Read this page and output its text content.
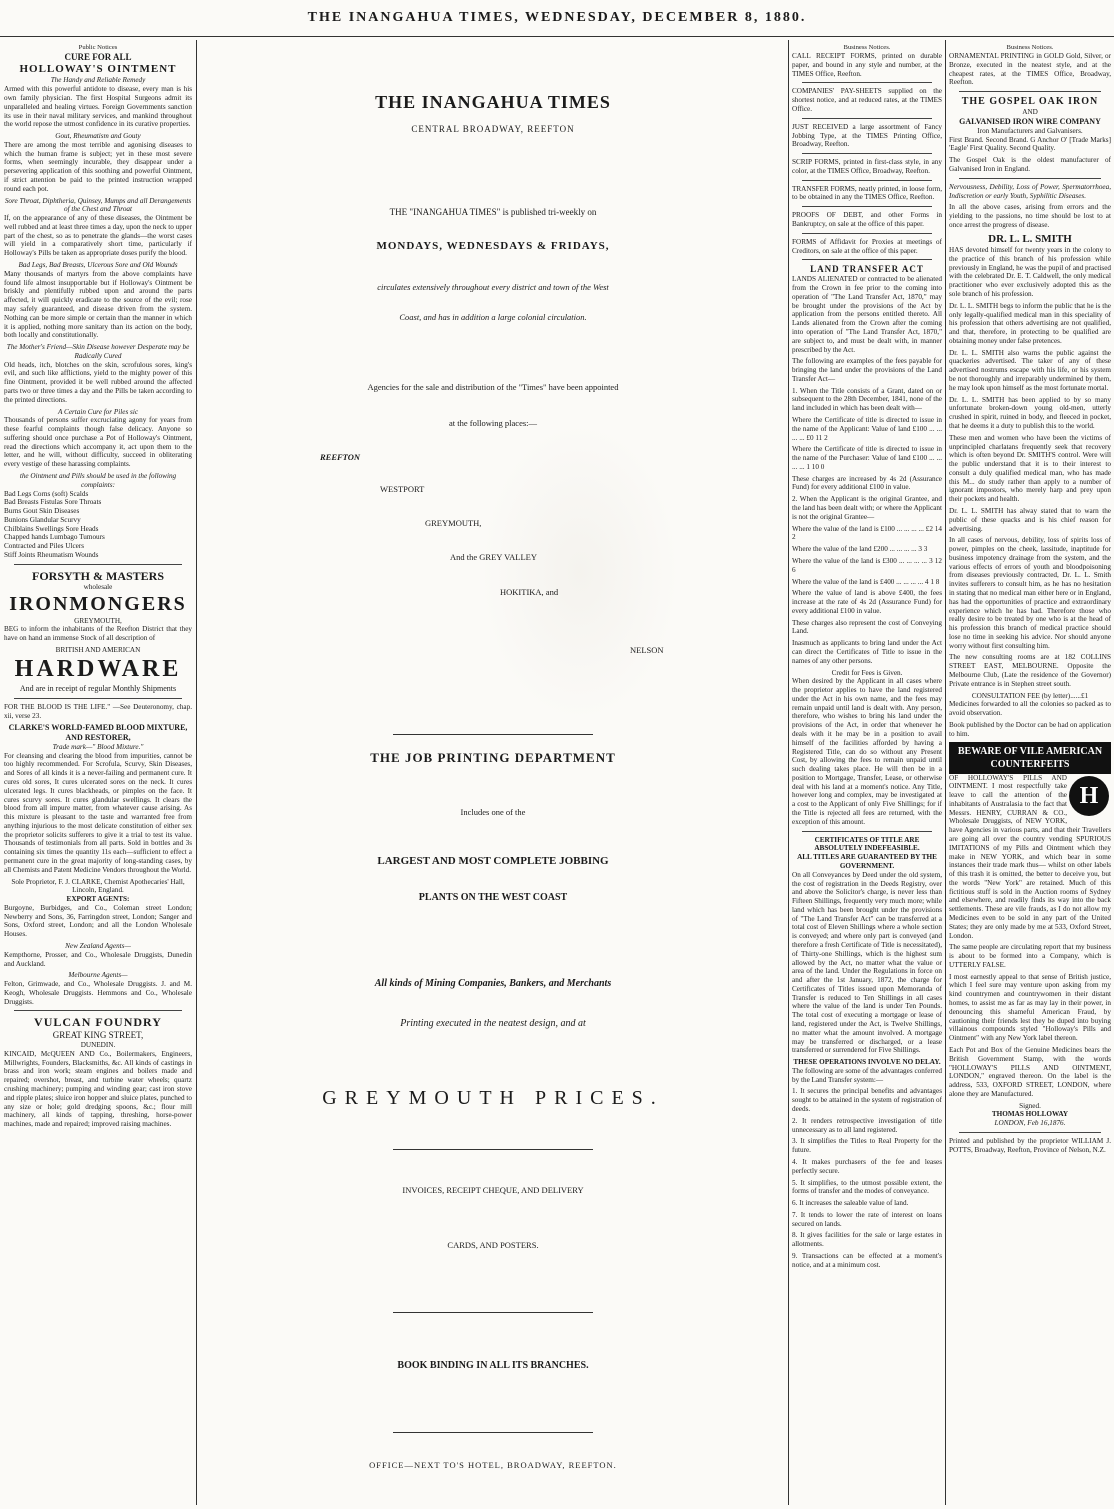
THE INANGAHUA TIMES, WEDNESDAY, DECEMBER 8, 1880.
Public Notices
CURE FOR ALL
HOLLOWAY'S OINTMENT
The Handy and Reliable Remedy

Armed with this powerful antidote to disease, every man is his own family physician. The first Hospital Surgeons admit its unparalleled and healing virtues. Foreign Governments sanction its use in their naval military services, and mankind throughout the world repose the utmost confidence in its curative properties.

Gout, Rheumatism and Gouty

There are among the most terrible and agonising diseases to which the human frame is subject; yet in these most severe forms, when seemingly incurable, they disappear under a persevering application of this soothing and powerful Ointment, if strict attention be paid to the printed instruction wrapped round each pot.

Sore Throat, Diphtheria, Quinsey, Mumps and all Derangements of the Chest and Throat

If, on the appearance of any of these diseases, the Ointment be well rubbed and at least three times a day, upon the neck to upper part of the chest, so as to penetrate the glands—the worst cases will yield in a comparatively short time, particularly if Holloway's Pills be taken as appropriate doses purify the blood.

Bad Legs, Bad Breasts, Ulcerous Sore and Old Wounds

Many thousands of martyrs from the above complaints have found life almost insupportable but if Holloway's Ointment be briskly and plentifully rubbed upon and around the parts affected, it will quickly eradicate to the source of the evil; rose may safely guaranteed, and disease driven from the system. Nothing can be more simple or certain than the manner in which it is applied, nothing more sanitary than its action on the body, both locally and constitutionally.

The Mother's Friend—Skin Disease however Desperate may be Radically Cured

Old heads, itch, blotches on the skin, scrofulous sores, king's evil, and such like afflictions, yield to the mighty power of this fine Ointment, provided it be well rubbed around the affected parts two or three times a day and the Pills be taken according to the printed directions.

A Certain Cure for Piles sic

Thousands of persons suffer excruciating agony for years from these fearful complaints though false delicacy. Anyone so suffering should once purchase a Pot of Holloway's Ointment, read the directions which accompany it, act upon them to the letter, and he will, without difficulty, succeed in obliterating every vestige of these harassing complaints.

the Ointment and Pills should be used in the following complaints:
Bad Legs Corns (soft) Scalds
Bad Breasts Fistulas Sore Throats
Burns Gout Skin Diseases
Bunions Glandular Scurvy
Chilblains Swellings Sore Heads
Chapped hands Lumbago Tumours
Contracted and Piles Ulcers
Stiff Joints Rheumatism Wounds
FORSYTH & MASTERS
wholesale
IRONMONGERS
GREYMOUTH,

BEG to inform the inhabitants of the Reefton District that they have on hand an immense Stock of all description of

BRITISH AND AMERICAN
HARDWARE
And are in receipt of regular Monthly Shipments

FOR THE BLOOD IS THE LIFE." —See Deuteronomy, chap. xii, verse 23.

CLARKE'S WORLD-FAMED BLOOD MIXTURE, AND RESTORER,
Trade mark—" Blood Mixture."

For cleansing and clearing the blood from impurities, cannot be too highly recommended. For Scrofula, Scurvy, Skin Diseases, and Sores of all kinds it is a never-failing and permanent cure. It cures old sores, It cures ulcerated sores on the neck. It cures ulcerated legs. It cures blackheads, or pimples on the face. It cures scurvy sores. It cures glandular swellings. It clears the blood from all impure matter, from whatever cause arising. As this mixture is pleasant to the taste and warranted free from anything injurious to the most delicate constitution of either sex the proprietor solicits sufferers to give it a trial to test its value. Thousands of testimonials from all parts. Sold in bottles and 3s containing six times the quantity 11s each—sufficient to effect a permanent cure in the great majority of long-standing cases, by all Chemists and Patent Medicine Vendors throughout the World.

Sole Proprietor, F. J. CLARKE, Chemist Apothecaries' Hall, Lincoln, England.
EXPORT AGENTS:

Burgoyne, Burbidges, and Co., Coleman street London; Newberry and Sons, 36, Farringdon street, London; Sanger and Sons, Oxford street, London; and all the London Wholesale Houses.

New Zealand Agents—

Kempthorne, Prosser, and Co., Wholesale Druggists, Dunedin and Auckland.

Melbourne Agents—

Felton, Grimwade, and Co., Wholesale Druggists. J. and M. Keogh, Wholesale Druggists. Hemmons and Co., Wholesale Druggists.

VULCAN FOUNDRY
GREAT KING STREET,
DUNEDIN.

KINCAID, McQUEEN AND Co., Boilermakers, Engineers, Millwrights, Founders, Blacksmiths, &c. All kinds of castings in brass and iron work; steam engines and boilers made and repaired; overshot, breast, and turbine water wheels; quartz crushing machinery; pumping and winding gear; cast iron stove and ripple plates; sluice iron hopper and sluice plates, punched to any size or hole; gold dredging spoons, &c.; flour mill machinery, all kinds of tapping, threshing, horse-power machines, made and repaired; improved raising machines.

THE INANGAHUA TIMES
CENTRAL BROADWAY, REEFTON
THE "INANGAHUA TIMES" is published tri-weekly on
MONDAYS, WEDNESDAYS & FRIDAYS,
circulates extensively throughout every district and town of the West
Coast, and has in addition a large colonial circulation.
Agencies for the sale and distribution of the "Times" have been appointed
at the following places:—
REEFTON
WESTPORT
GREYMOUTH,
And the GREY VALLEY
HOKITIKA, and
NELSON
THE JOB PRINTING DEPARTMENT
Includes one of the
LARGEST AND MOST COMPLETE JOBBING
PLANTS ON THE WEST COAST
All kinds of Mining Companies, Bankers, and Merchants
Printing executed in the neatest design, and at
GREYMOUTH PRICES.
INVOICES, RECEIPT CHEQUE, AND DELIVERY
CARDS, AND POSTERS.
BOOK BINDING IN ALL ITS BRANCHES.
OFFICE—NEXT TO'S HOTEL, BROADWAY, REEFTON.
Business Notices.

CALL RECEIPT FORMS, printed on durable paper, and bound in any style and number, at the TIMES Office, Reefton.

COMPANIES' PAY-SHEETS supplied on the shortest notice, and at reduced rates, at the TIMES Office.

JUST RECEIVED a large assortment of Fancy Jobbing Type, at the TIMES Printing Office, Broadway, Reefton.

SCRIP FORMS, printed in first-class style, in any color, at the TIMES Office, Broadway, Reefton.

TRANSFER FORMS, neatly printed, in loose form, to be obtained in any the TIMES Office, Reefton.

PROOFS OF DEBT, and other Forms in Bankruptcy, on sale at the office of this paper.

FORMS of Affidavit for Proxies at meetings of Creditors, on sale at the office of this paper.

LAND TRANSFER ACT

LANDS ALIENATED or contracted to be alienated from the Crown in fee prior to the coming into operation of "The Land Transfer Act, 1870," may be brought under the provisions of the Act by application from the persons entitled thereto. All Lands alienated from the Crown after the coming into operation of "The Land Transfer Act, 1870," are subject to, and must be dealt with, in manner prescribed by the Act.

The following are examples of the fees payable for bringing the land under the provisions of the Land Transfer Act—

1. When the Title consists of a Grant, dated on or subsequent to the 28th December, 1841, none of the land included in which has been dealt with—

Where the Certificate of title is directed to issue in the name of the Applicant: Value of land £100 ... ... ... ... £0 11 2

Where the Certificate of title is directed to issue in the name of the Purchaser: Value of land £100 ... ... ... ... 1 10 0

These charges are increased by 4s 2d (Assurance Fund) for every additional £100 in value.

2. When the Applicant is the original Grantee, and the land has been dealt with; or where the Applicant is not the original Grantee—

Where the value of the land is £100 ... ... ... ... £2 14 2

Where the value of the land £200 ... ... ... ... 3 3

Where the value of the land is £300 ... ... ... ... 3 12 6

Where the value of the land is £400 ... ... ... ... 4 1 8

Where the value of land is above £400, the fees increase at the rate of 4s 2d (Assurance Fund) for every additional £100 in value.

These charges also represent the cost of Conveying Land.

Inasmuch as applicants to bring land under the Act can direct the Certificates of Title to issue in the names of any other persons.

Credit for Fees is Given.

When desired by the Applicant in all cases where the proprietor applies to have the land registered under the Act in his own name, and the fees may remain unpaid until land is dealt with. Any person, therefore, who wishes to bring his land under the provisions of the Act, in order that whenever he deals with it he may be in a position to avail himself of the facilities afforded by having a Registered Title, can do so without any Present Cost, by allowing the fees to remain unpaid until such dealing takes place. He will then be in a position to Mortgage, Transfer, Lease, or otherwise deal with his land at a moment's notice. Any Title, however long and complex, may be investigated at a cost to the Applicant of only Five Shillings; for if the Title is rejected all fees are returned, with the exception of this amount.

CERTIFICATES OF TITLE ARE ABSOLUTELY INDEFEASIBLE.
ALL TITLES ARE GUARANTEED BY THE GOVERNMENT.

On all Conveyances by Deed under the old system, the cost of registration in the Deeds Registry, over and above the Solicitor's charge, is never less than Fifteen Shillings, frequently very much more; while land which has been brought under the provisions of "The Land Transfer Act" can be transferred at a total cost of Eleven Shillings where a whole section is conveyed; and where only part is conveyed (and therefore a fresh Certificate of Title is necessitated), of Thirty-one Shillings, which is the highest sum allowed by the Act, no matter what the value or area of the land. Under the Regulations in force on and after the 1st January, 1872, the charge for Certificates of Titles issued upon Memoranda of Transfer is reduced to Ten Shillings in all cases where the value of the land is under Ten Pounds. The total cost of executing a mortgage or lease of land, registered under the Act, is Twelve Shillings, no matter what the amount involved. A mortgage may be transferred or discharged, or a lease transferred or surrendered for Five Shillings.

THESE OPERATIONS INVOLVE NO DELAY.

The following are some of the advantages conferred by the Land Transfer system:—

1. It secures the principal benefits and advantages sought to be attained in the system of registration of deeds.

2. It renders retrospective investigation of title unnecessary as to all land registered.

3. It simplifies the Titles to Real Property for the future.

4. It makes purchasers of the fee and leases perfectly secure.

5. It simplifies, to the utmost possible extent, the forms of transfer and the modes of conveyance.

6. It increases the saleable value of land.

7. It tends to lower the rate of interest on loans secured on lands.

8. It gives facilities for the sale or large estates in allotments.

9. Transactions can be effected at a moment's notice, and at a minimum cost.

Business Notices.

ORNAMENTAL PRINTING in GOLD Gold, Silver, or Bronze, executed in the neatest style, and at the cheapest rates, at the TIMES Office, Broadway, Reefton.

THE GOSPEL OAK IRON
AND
GALVANISED IRON WIRE COMPANY
Iron Manufacturers and Galvanisers.

First Brand. Second Brand. G Anchor O' [Trade Marks] 'Eagle' First Quality. Second Quality.

The Gospel Oak is the oldest manufacturer of Galvanised Iron in England.

Nervousness, Debility, Loss of Power, Spermatorrhoea, Indiscretion or early Youth, Syphilitic Diseases.

In all the above cases, arising from errors and the yielding to the passions, no time should be lost to at once arrest the progress of disease.

DR. L. L. SMITH

HAS devoted himself for twenty years in the colony to the practice of this branch of his profession while previously in England, he was the pupil of and practised with the celebrated Dr. E. T. Caldwell, the only medical practitioner who ever exclusively adopted this as the sole branch of his profession.

Dr. L. L. SMITH begs to inform the public that he is the only legally-qualified medical man in this speciality of his profession that others advertising are not qualified, and that, therefore, in protecting to be qualified are obtaining money under false pretences.

Dr. L. L. SMITH also warns the public against the quackeries advertised. The taker of any of these advertised nostrums escape with his life, or his system be not thoroughly and irreparably undermined by them, he may look upon himself as the most fortunate mortal.

Dr. L. L. SMITH has been applied to by so many unfortunate broken-down young old-men, utterly crushed in spirit, ruined in body, and fleeced in pocket, that he deems it a duty to publish this to the world.

These men and women who have been the victims of unprincipled charlatans frequently seek that recovery which is often beyond Dr. SMITH'S control. Were will the public understand that it is to their interest to consult a duly qualified medical man, who has made this M... do study rather than apply to a number of ignorant impostors, who merely harp and prey upon their pockets and health.

Dr. L. L. SMITH has alway stated that to warn the public of these quacks and is his chief reason for advertising.

In all cases of nervous, debility, loss of spirits loss of power, pimples on the cheek, lassitude, inaptitude for business impotency drainage from the system, and the various effects of errors of youth and bloodpoisoning from diseases previously contracted, Dr. L. L. Smith invites sufferers to consult him, as he has no hesitation in stating that no medical man either here or in England, has had the opportunities of practice and extraordinary experience which he has had. Therefore those who really desire to be treated by one who is at the head of his profession this branch of medical practice should lose no time in seeking his advice. Nor should anyone worry without first consulting him.

The new consulting rooms are at 182 COLLINS STREET EAST, MELBOURNE. Opposite the Melbourne Club, (Late the residence of the Governor) Private entrance is in Stephen street south.

CONSULTATION FEE (by letter)......£1

Medicines forwarded to all the colonies so packed as to avoid observation.

Book published by the Doctor can be had on application to him.

BEWARE OF VILE AMERICAN COUNTERFEITS
H

OF HOLLOWAY'S PILLS AND OINTMENT. I most respectfully take leave to call the attention of the inhabitants of Australasia to the fact that Messrs. HENRY, CURRAN & CO., Wholesale Druggists, of NEW YORK, have Agencies in various parts, and that their Travellers are going all over the country vending SPURIOUS IMITATIONS of my Pills and Ointment which they make in NEW YORK, and which bear in some instances their trade mark thus— whilst on other labels of this trash it is omitted, the better to deceive you, but the words "New York" are retained. Much of this fictitious stuff is sold in the Auction rooms of Sydney and elsewhere, and readily finds its way into the back settlements. These are vile frauds, as I do not allow my Medicines even to be sold in any part of the United States; they are only made by me at 533, Oxford Street, London.

The same people are circulating report that my business is about to be formed into a Company, which is UTTERLY FALSE.

I most earnestly appeal to that sense of British justice, which I feel sure may venture upon asking from my kind countrymen and countrywomen in their distant homes, to assist me as far as may lay in their power, in denouncing this shameful American Fraud, by cautioning their friends lest they be duped into buying villainous compounds styled "Holloway's Pills and Ointment" with any New York label thereon.

Each Pot and Box of the Genuine Medicines bears the British Government Stamp, with the words "HOLLOWAY'S PILLS AND OINTMENT, LONDON," engraved thereon. On the label is the address, 533, OXFORD STREET, LONDON, where alone they are Manufactured.

Signed.
THOMAS HOLLOWAY
LONDON, Feb 16,1876.

Printed and published by the proprietor WILLIAM J. POTTS, Broadway, Reefton, Province of Nelson, N.Z.
